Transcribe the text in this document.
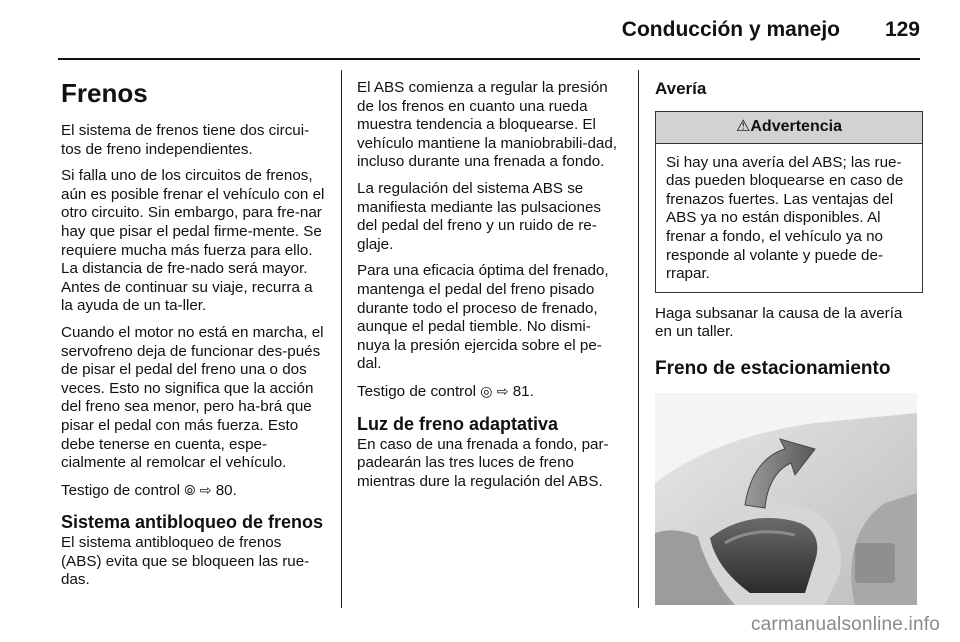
Conducción y manejo 129
Frenos

El sistema de frenos tiene dos circui-tos de freno independientes.

Si falla uno de los circuitos de frenos, aún es posible frenar el vehículo con el otro circuito. Sin embargo, para fre-nar hay que pisar el pedal firme-mente. Se requiere mucha más fuerza para ello. La distancia de fre-nado será mayor. Antes de continuar su viaje, recurra a la ayuda de un ta-ller.

Cuando el motor no está en marcha, el servofreno deja de funcionar des-pués de pisar el pedal del freno una o dos veces. Esto no significa que la acción del freno sea menor, pero ha-brá que pisar el pedal con más fuerza. Esto debe tenerse en cuenta, espe-cialmente al remolcar el vehículo.

Testigo de control ⦾ ⇨ 80.

Sistema antibloqueo de frenos

El sistema antibloqueo de frenos (ABS) evita que se bloqueen las rue-das.

El ABS comienza a regular la presión de los frenos en cuanto una rueda muestra tendencia a bloquearse. El vehículo mantiene la maniobrabili-dad, incluso durante una frenada a fondo.

La regulación del sistema ABS se manifiesta mediante las pulsaciones del pedal del freno y un ruido de re-glaje.

Para una eficacia óptima del frenado, mantenga el pedal del freno pisado durante todo el proceso de frenado, aunque el pedal tiemble. No dismi-nuya la presión ejercida sobre el pe-dal.

Testigo de control ◎ ⇨ 81.

Luz de freno adaptativa

En caso de una frenada a fondo, par-padearán las tres luces de freno mientras dure la regulación del ABS.

Avería
⚠Advertencia
Si hay una avería del ABS; las rue-das pueden bloquearse en caso de frenazos fuertes. Las ventajas del ABS ya no están disponibles. Al frenar a fondo, el vehículo ya no responde al volante y puede de-rrapar.

Haga subsanar la causa de la avería en un taller.

Freno de estacionamiento
carmanualsonline.info
